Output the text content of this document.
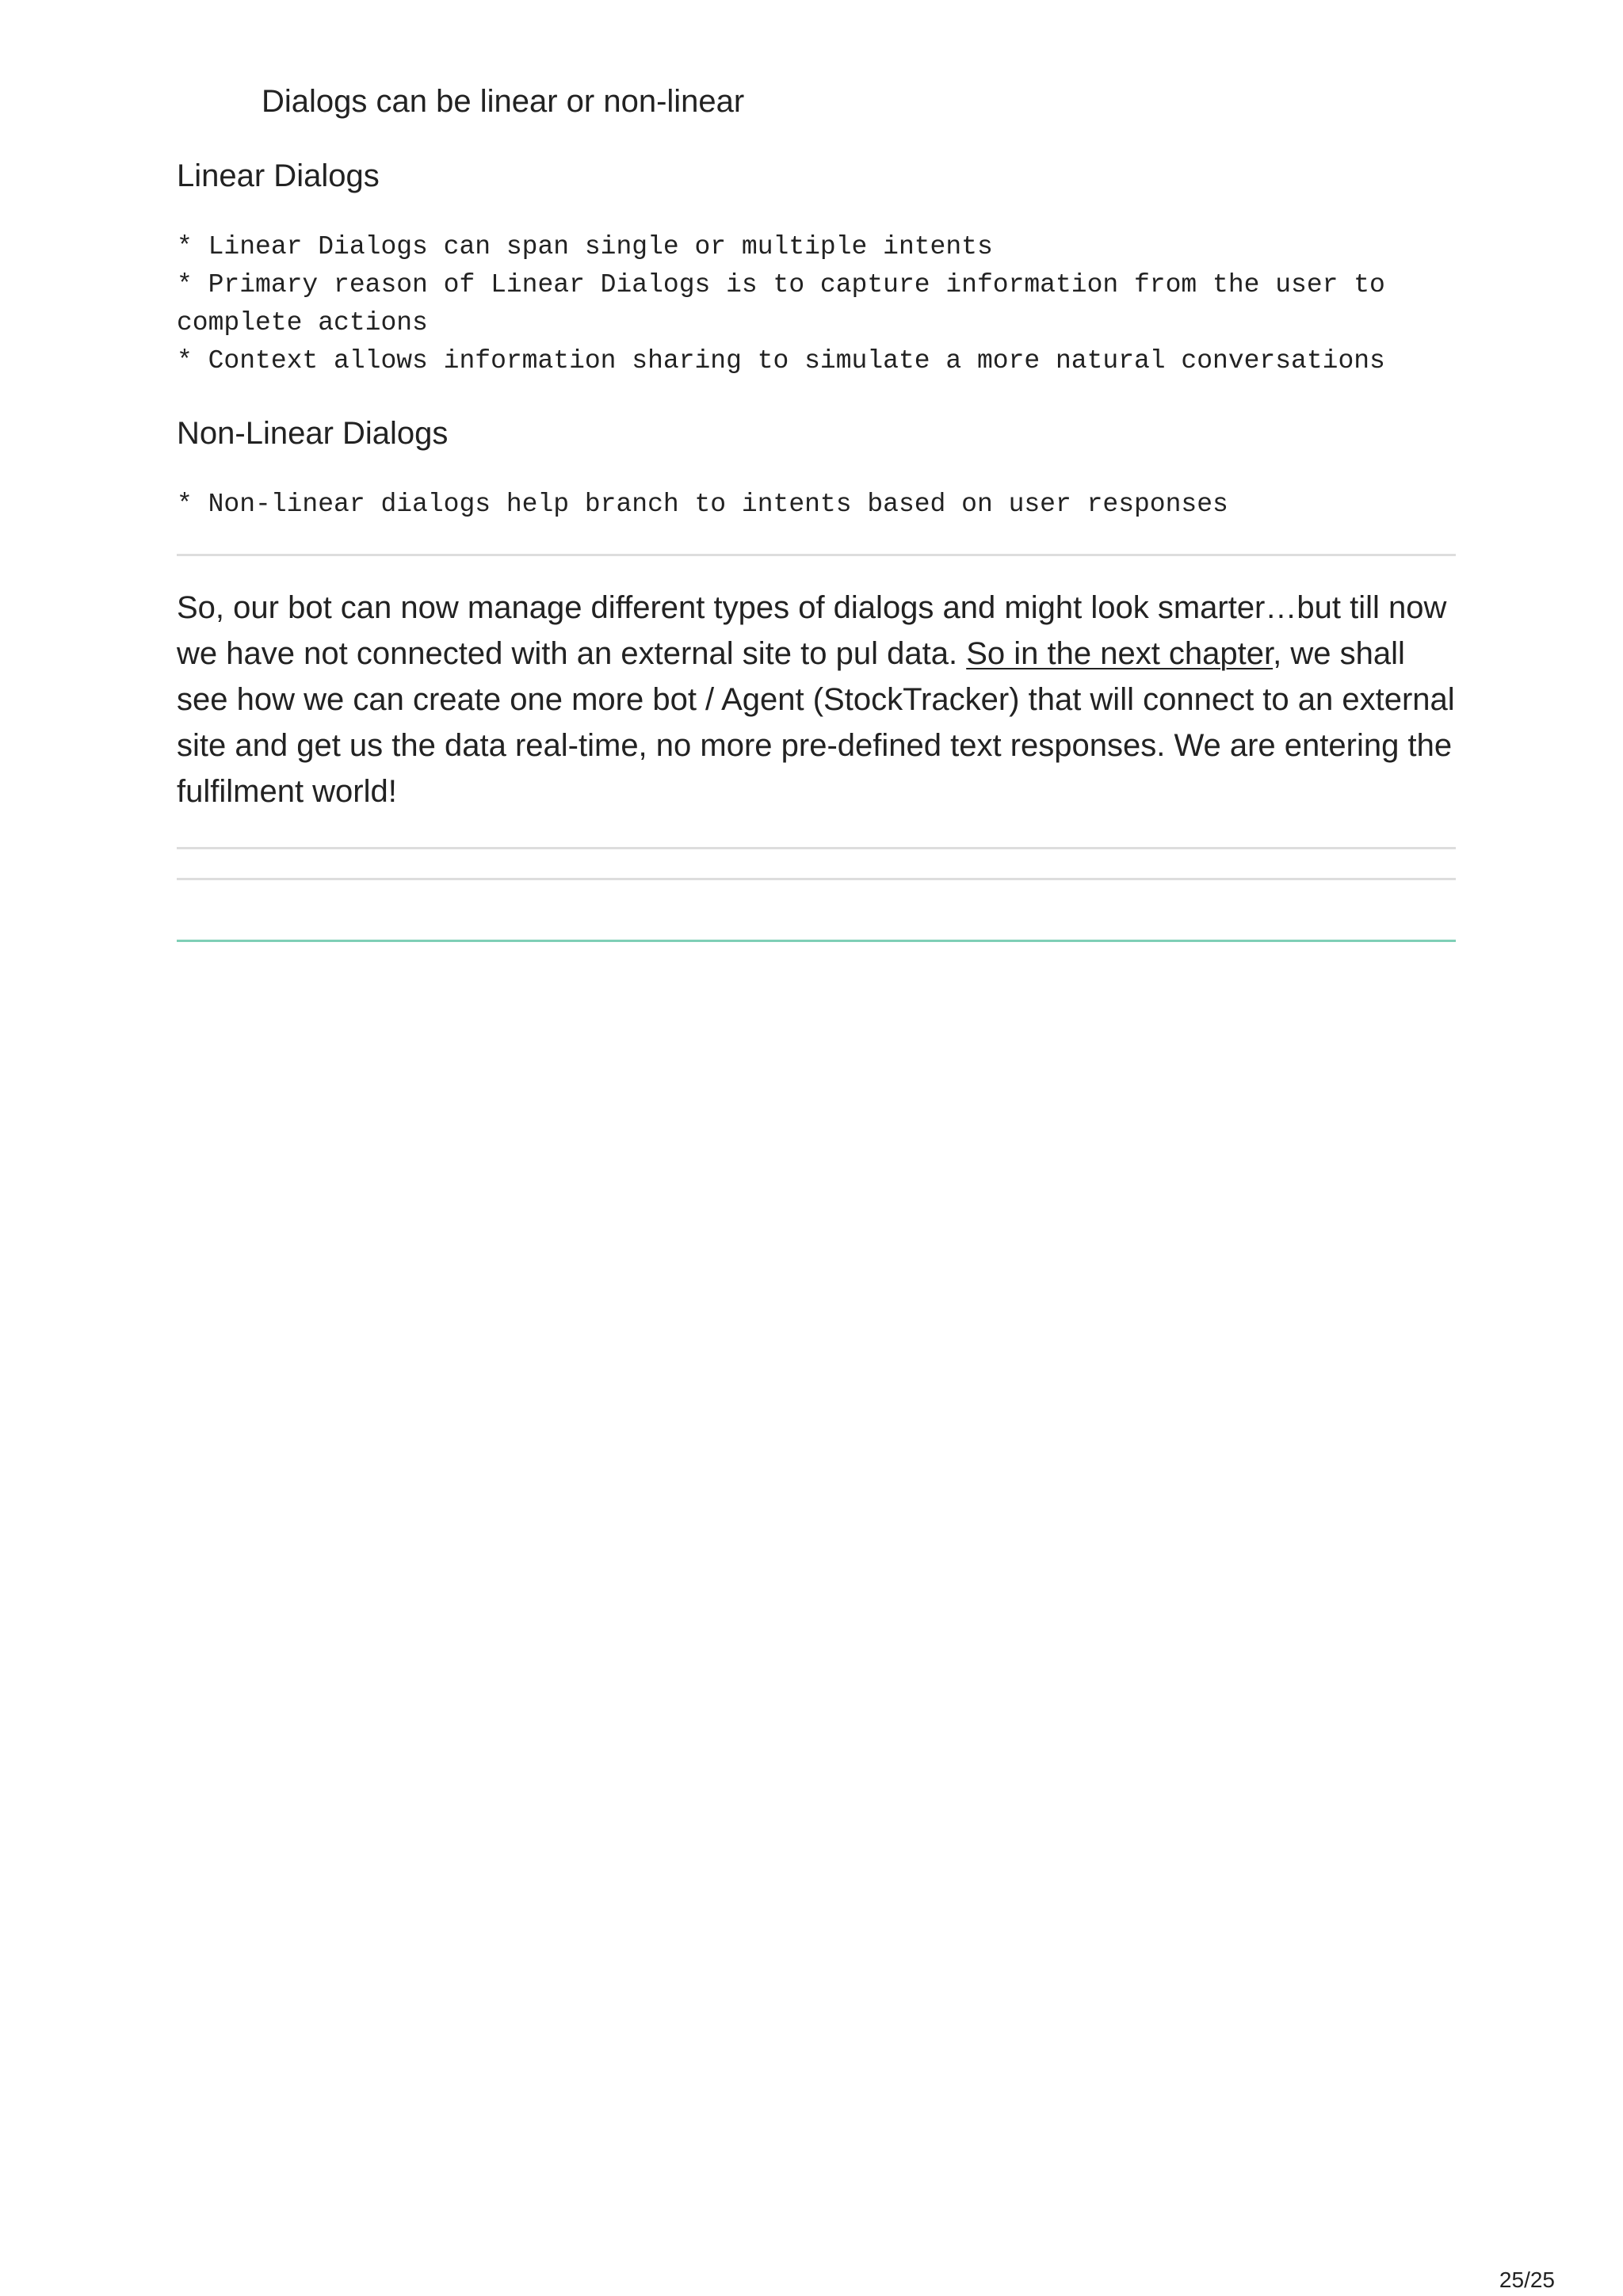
Dialogs can be linear or non-linear

Linear Dialogs
* Linear Dialogs can span single or multiple intents
* Primary reason of Linear Dialogs is to capture information from the user to complete actions
* Context allows information sharing to simulate a more natural conversations
Non-Linear Dialogs
* Non-linear dialogs help branch to intents based on user responses

So, our bot can now manage different types of dialogs and might look smarter…but till now we have not connected with an external site to pul data. So in the next chapter, we shall see how we can create one more bot / Agent (StockTracker) that will connect to an external site and get us the data real-time, no more pre-defined text responses. We are entering the fulfilment world!

25/25
